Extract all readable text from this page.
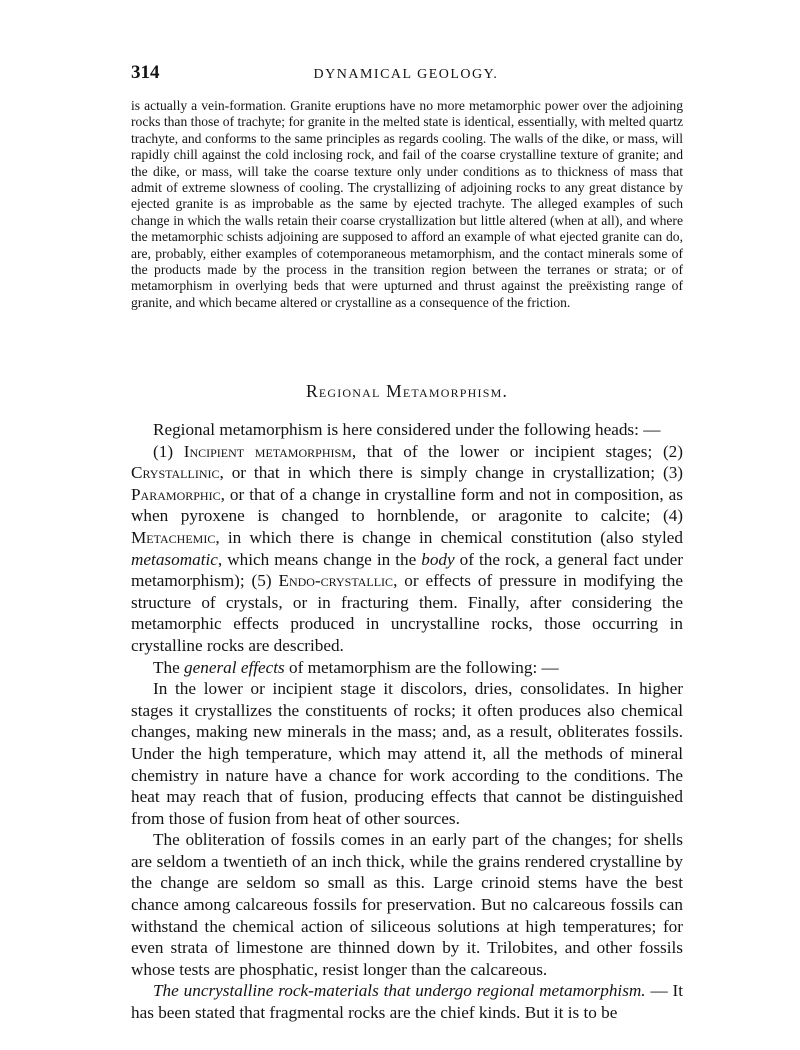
314	DYNAMICAL GEOLOGY.

is actually a vein-formation. Granite eruptions have no more metamorphic power over the adjoining rocks than those of trachyte; for granite in the melted state is identical, essentially, with melted quartz trachyte, and conforms to the same principles as regards cooling. The walls of the dike, or mass, will rapidly chill against the cold inclosing rock, and fail of the coarse crystalline texture of granite; and the dike, or mass, will take the coarse texture only under conditions as to thickness of mass that admit of extreme slowness of cooling. The crystallizing of adjoining rocks to any great distance by ejected granite is as improbable as the same by ejected trachyte. The alleged examples of such change in which the walls retain their coarse crystallization but little altered (when at all), and where the metamorphic schists adjoining are supposed to afford an example of what ejected granite can do, are, probably, either examples of cotemporaneous metamorphism, and the contact minerals some of the products made by the process in the transition region between the terranes or strata; or of metamorphism in overlying beds that were upturned and thrust against the preëxisting range of granite, and which became altered or crystalline as a consequence of the friction.

Regional Metamorphism.

Regional metamorphism is here considered under the following heads: —
(1) Incipient metamorphism, that of the lower or incipient stages; (2) Crystallinic, or that in which there is simply change in crystallization; (3) Paramorphic, or that of a change in crystalline form and not in composition, as when pyroxene is changed to hornblende, or aragonite to calcite; (4) Metachemic, in which there is change in chemical constitution (also styled metasomatic, which means change in the body of the rock, a general fact under metamorphism); (5) Endo-crystallic, or effects of pressure in modifying the structure of crystals, or in fracturing them. Finally, after considering the metamorphic effects produced in uncrystalline rocks, those occurring in crystalline rocks are described.

The general effects of metamorphism are the following: —

In the lower or incipient stage it discolors, dries, consolidates. In higher stages it crystallizes the constituents of rocks; it often produces also chemical changes, making new minerals in the mass; and, as a result, obliterates fossils. Under the high temperature, which may attend it, all the methods of mineral chemistry in nature have a chance for work according to the conditions. The heat may reach that of fusion, producing effects that cannot be distinguished from those of fusion from heat of other sources.

The obliteration of fossils comes in an early part of the changes; for shells are seldom a twentieth of an inch thick, while the grains rendered crystalline by the change are seldom so small as this. Large crinoid stems have the best chance among calcareous fossils for preservation. But no calcareous fossils can withstand the chemical action of siliceous solutions at high temperatures; for even strata of limestone are thinned down by it. Trilobites, and other fossils whose tests are phosphatic, resist longer than the calcareous.

The uncrystalline rock-materials that undergo regional metamorphism. — It has been stated that fragmental rocks are the chief kinds. But it is to be
